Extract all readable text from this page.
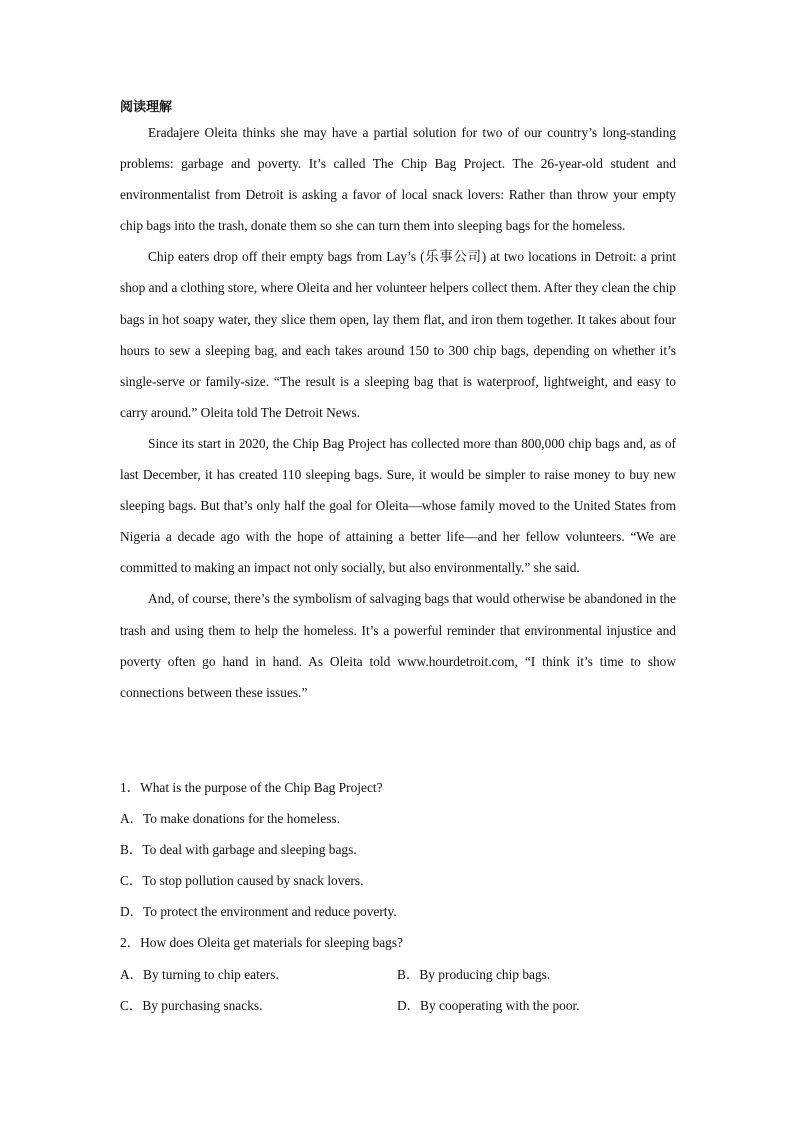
阅读理解

Eradajere Oleita thinks she may have a partial solution for two of our country’s long-standing problems: garbage and poverty. It’s called The Chip Bag Project. The 26-year-old student and environmentalist from Detroit is asking a favor of local snack lovers: Rather than throw your empty chip bags into the trash, donate them so she can turn them into sleeping bags for the homeless.

Chip eaters drop off their empty bags from Lay’s (乐事公司) at two locations in Detroit: a print shop and a clothing store, where Oleita and her volunteer helpers collect them. After they clean the chip bags in hot soapy water, they slice them open, lay them flat, and iron them together. It takes about four hours to sew a sleeping bag, and each takes around 150 to 300 chip bags, depending on whether it’s single-serve or family-size. “The result is a sleeping bag that is waterproof, lightweight, and easy to carry around.” Oleita told The Detroit News.

Since its start in 2020, the Chip Bag Project has collected more than 800,000 chip bags and, as of last December, it has created 110 sleeping bags. Sure, it would be simpler to raise money to buy new sleeping bags. But that’s only half the goal for Oleita—whose family moved to the United States from Nigeria a decade ago with the hope of attaining a better life—and her fellow volunteers. “We are committed to making an impact not only socially, but also environmentally.” she said.

And, of course, there’s the symbolism of salvaging bags that would otherwise be abandoned in the trash and using them to help the homeless. It’s a powerful reminder that environmental injustice and poverty often go hand in hand. As Oleita told www.hourdetroit.com, “I think it’s time to show connections between these issues.”

1．What is the purpose of the Chip Bag Project?
A．To make donations for the homeless.
B．To deal with garbage and sleeping bags.
C．To stop pollution caused by snack lovers.
D．To protect the environment and reduce poverty.
2．How does Oleita get materials for sleeping bags?
A．By turning to chip eaters.	B．By producing chip bags.
C．By purchasing snacks.	D．By cooperating with the poor.
